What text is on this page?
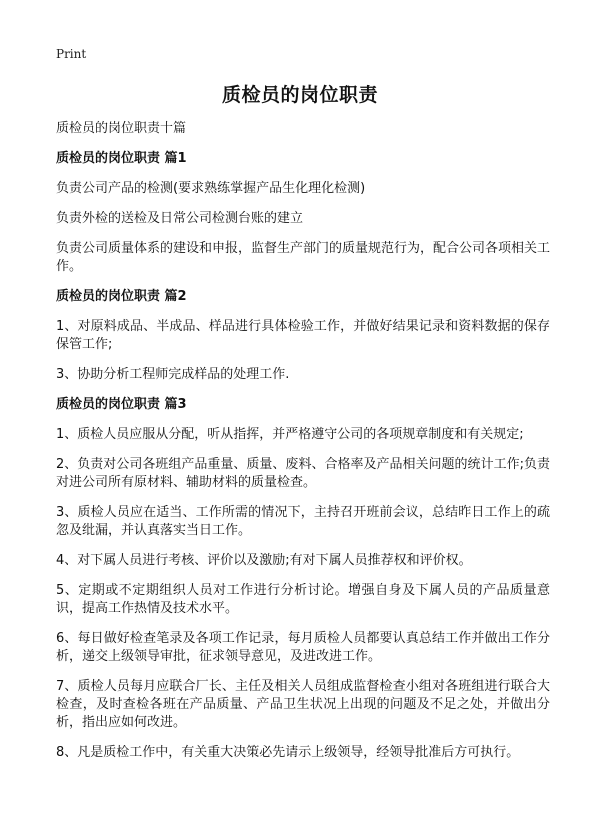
Print
质检员的岗位职责

质检员的岗位职责十篇

质检员的岗位职责 篇1

负责公司产品的检测(要求熟练掌握产品生化理化检测)

负责外检的送检及日常公司检测台账的建立

负责公司质量体系的建设和申报，监督生产部门的质量规范行为，配合公司各项相关工作。

质检员的岗位职责 篇2

1、对原料成品、半成品、样品进行具体检验工作，并做好结果记录和资料数据的保存保管工作;

3、协助分析工程师完成样品的处理工作.

质检员的岗位职责 篇3

1、质检人员应服从分配，听从指挥，并严格遵守公司的各项规章制度和有关规定;

2、负责对公司各班组产品重量、质量、废料、合格率及产品相关问题的统计工作;负责对进公司所有原材料、辅助材料的质量检查。

3、质检人员应在适当、工作所需的情况下，主持召开班前会议，总结昨日工作上的疏忽及纰漏，并认真落实当日工作。

4、对下属人员进行考核、评价以及激励;有对下属人员推荐权和评价权。

5、定期或不定期组织人员对工作进行分析讨论。增强自身及下属人员的产品质量意识，提高工作热情及技术水平。

6、每日做好检查笔录及各项工作记录，每月质检人员都要认真总结工作并做出工作分析，递交上级领导审批，征求领导意见，及进改进工作。

7、质检人员每月应联合厂长、主任及相关人员组成监督检查小组对各班组进行联合大检查，及时查检各班在产品质量、产品卫生状况上出现的问题及不足之处，并做出分析，指出应如何改进。

8、凡是质检工作中，有关重大决策必先请示上级领导，经领导批准后方可执行。
